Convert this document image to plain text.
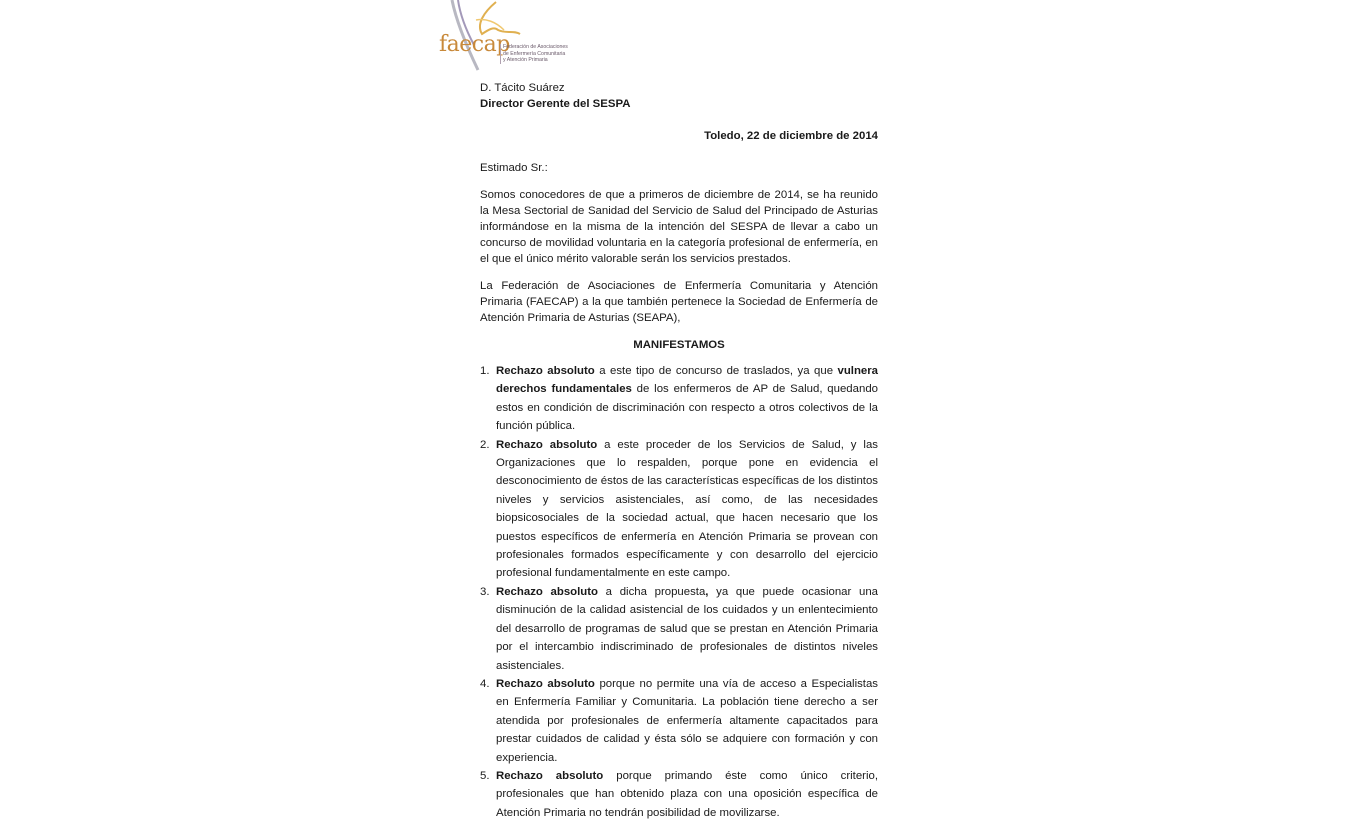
faecap
Federación de Asociaciones
de Enfermería Comunitaria
y Atención Primaria
D. Tácito Suárez
Director Gerente del SESPA
Toledo, 22 de diciembre de 2014
Estimado Sr.:
Somos conocedores de que a primeros de diciembre de 2014, se ha reunido la Mesa Sectorial de Sanidad del Servicio de Salud del Principado de Asturias informándose en la misma de la intención del SESPA de llevar a cabo un concurso de movilidad voluntaria en la categoría profesional de enfermería, en el que el único mérito valorable serán los servicios prestados.
La Federación de Asociaciones de Enfermería Comunitaria y Atención Primaria (FAECAP) a la que también pertenece la Sociedad de Enfermería de Atención Primaria de Asturias (SEAPA),
MANIFESTAMOS
1. Rechazo absoluto a este tipo de concurso de traslados, ya que vulnera derechos fundamentales de los enfermeros de AP de Salud, quedando estos en condición de discriminación con respecto a otros colectivos de la función pública.
2. Rechazo absoluto a este proceder de los Servicios de Salud, y las Organizaciones que lo respalden, porque pone en evidencia el desconocimiento de éstos de las características específicas de los distintos niveles y servicios asistenciales, así como, de las necesidades biopsicosociales de la sociedad actual, que hacen necesario que los puestos específicos de enfermería en Atención Primaria se provean con profesionales formados específicamente y con desarrollo del ejercicio profesional fundamentalmente en este campo.
3. Rechazo absoluto a dicha propuesta, ya que puede ocasionar una disminución de la calidad asistencial de los cuidados y un enlentecimiento del desarrollo de programas de salud que se prestan en Atención Primaria por el intercambio indiscriminado de profesionales de distintos niveles asistenciales.
4. Rechazo absoluto porque no permite una vía de acceso a Especialistas en Enfermería Familiar y Comunitaria. La población tiene derecho a ser atendida por profesionales de enfermería altamente capacitados para prestar cuidados de calidad y ésta sólo se adquiere con formación y con experiencia.
5. Rechazo absoluto porque primando éste como único criterio, profesionales que han obtenido plaza con una oposición específica de Atención Primaria no tendrán posibilidad de movilizarse.
